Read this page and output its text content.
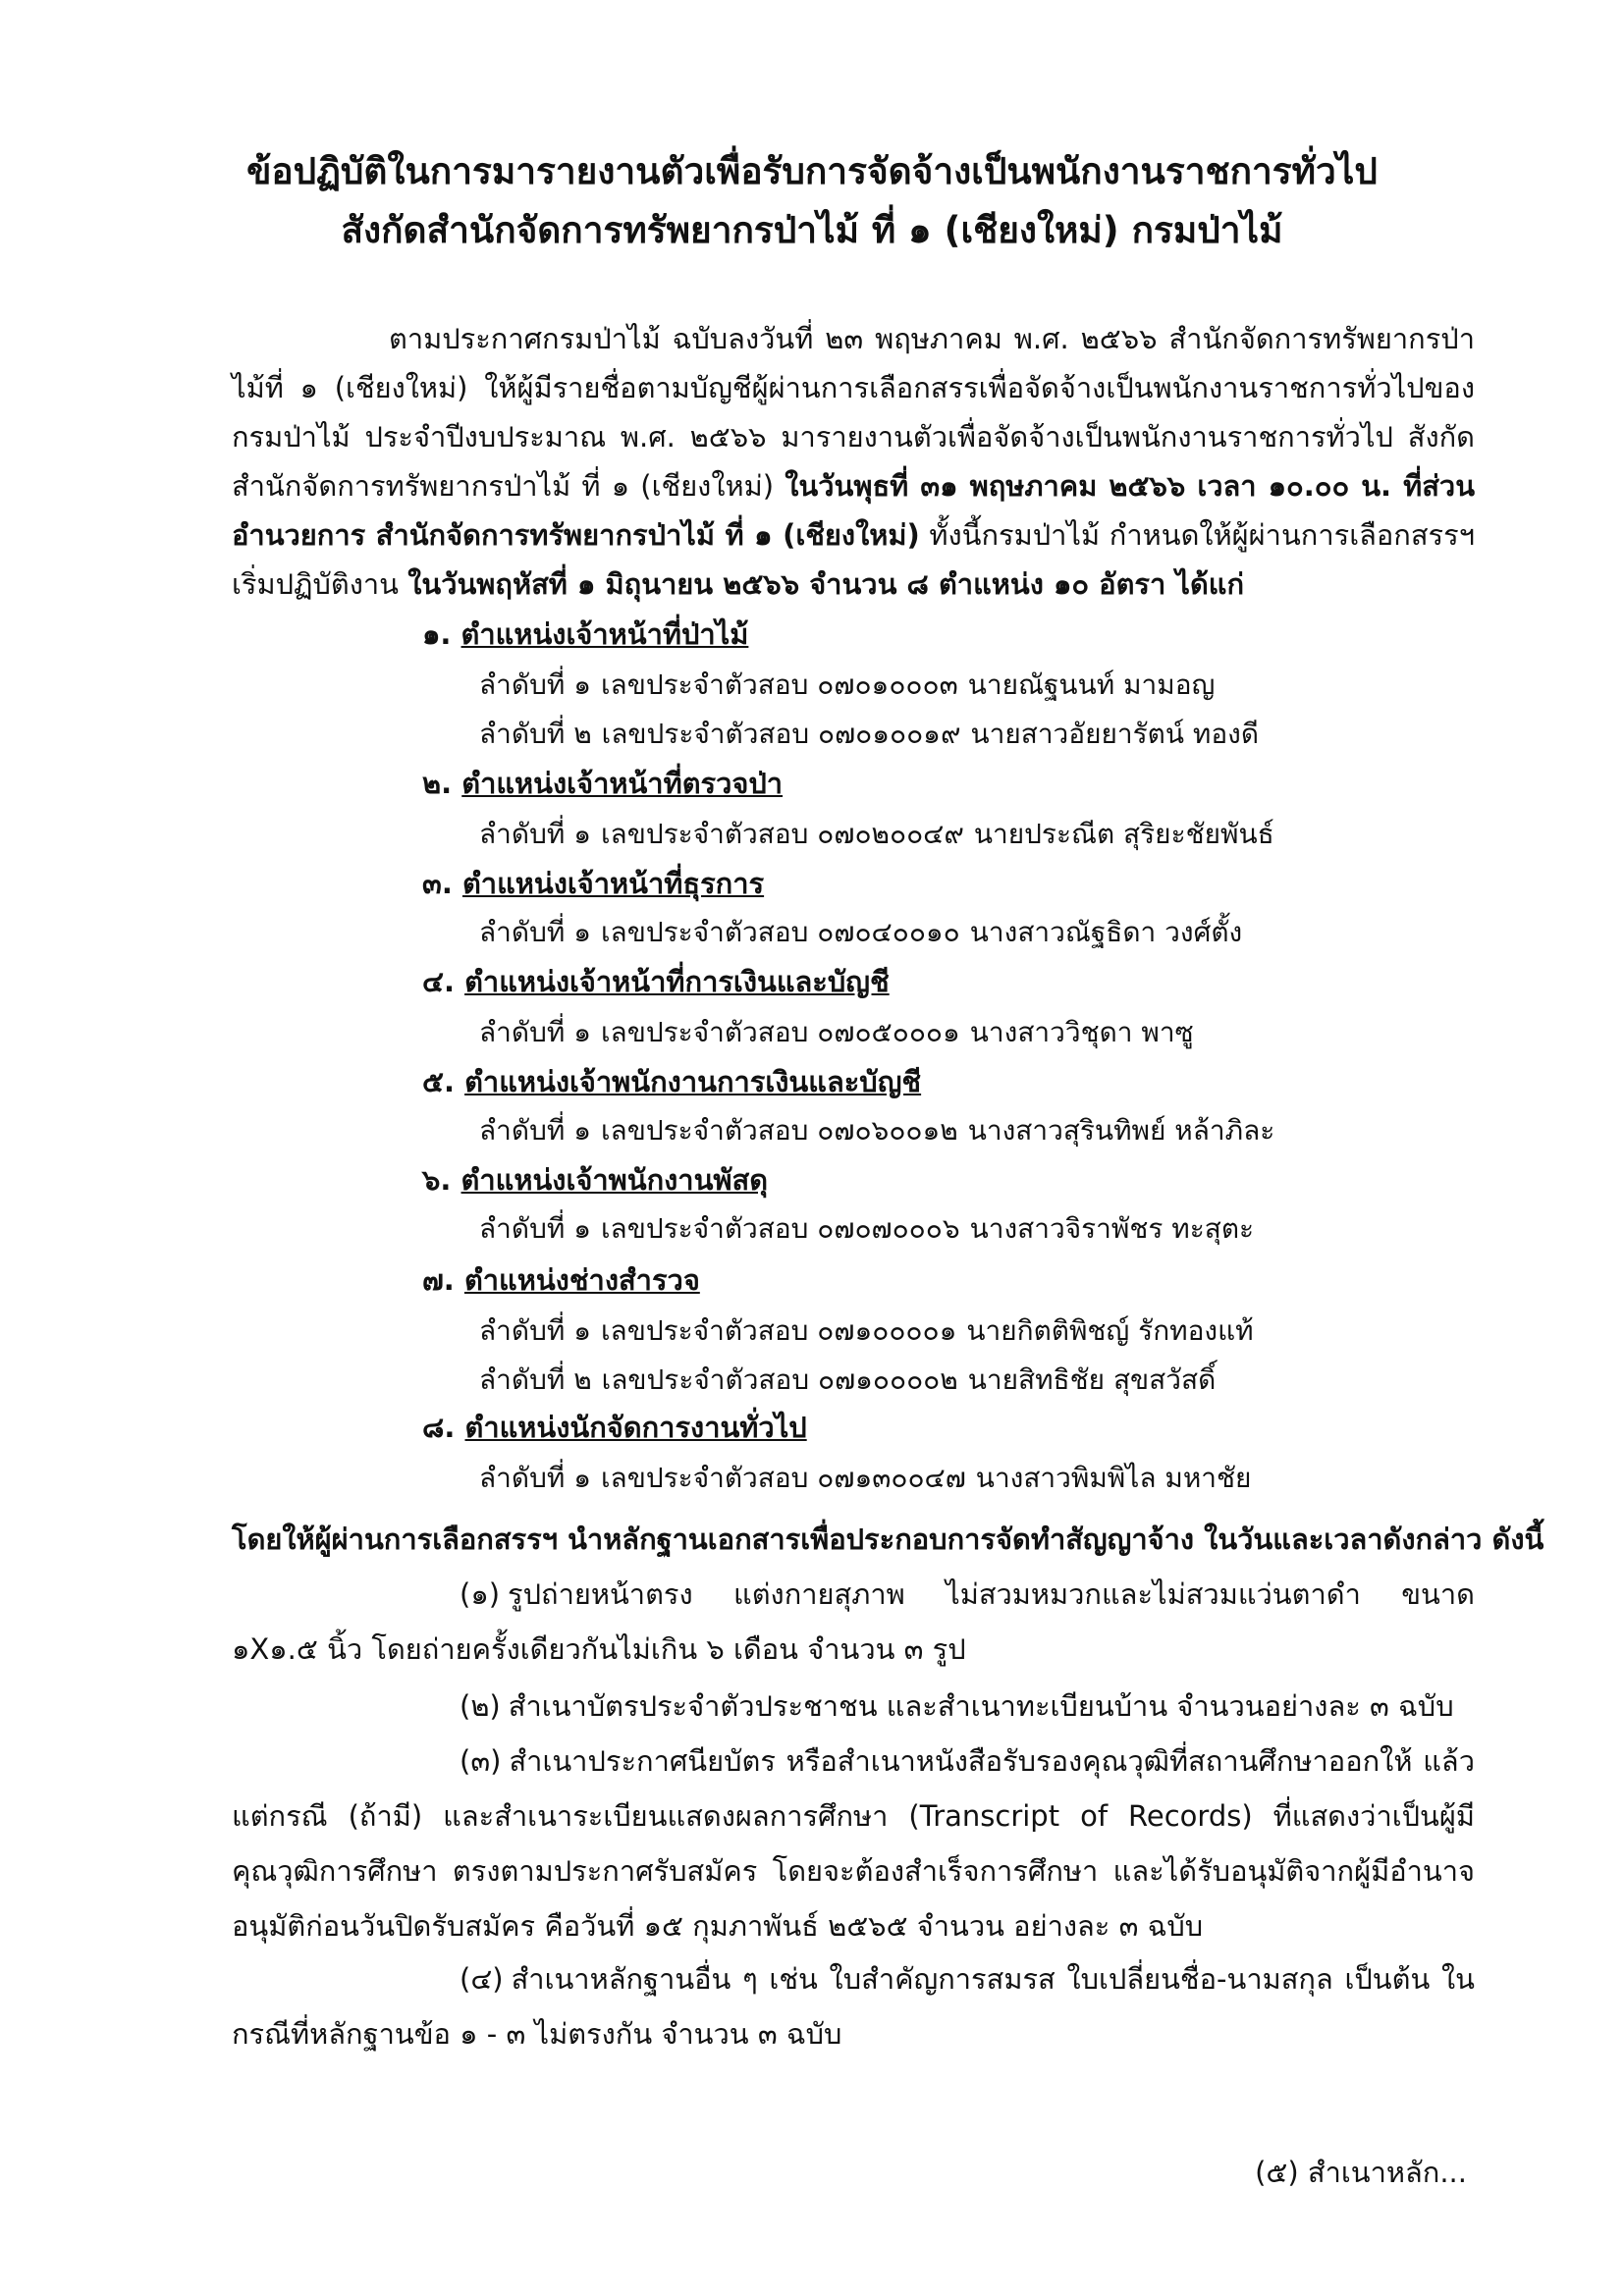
ข้อปฏิบัติในการมารายงานตัวเพื่อรับการจัดจ้างเป็นพนักงานราชการทั่วไป
สังกัดสำนักจัดการทรัพยากรป่าไม้ ที่ ๑ (เชียงใหม่) กรมป่าไม้
ตามประกาศกรมป่าไม้ ฉบับลงวันที่ ๒๓ พฤษภาคม พ.ศ. ๒๕๖๖ สำนักจัดการทรัพยากรป่าไม้ที่ ๑ (เชียงใหม่) ให้ผู้มีรายชื่อตามบัญชีผู้ผ่านการเลือกสรรเพื่อจัดจ้างเป็นพนักงานราชการทั่วไปของกรมป่าไม้ ประจำปีงบประมาณ พ.ศ. ๒๕๖๖ มารายงานตัวเพื่อจัดจ้างเป็นพนักงานราชการทั่วไป สังกัดสำนักจัดการทรัพยากรป่าไม้ ที่ ๑ (เชียงใหม่) ในวันพุธที่ ๓๑ พฤษภาคม ๒๕๖๖ เวลา ๑๐.๐๐ น. ที่ส่วนอำนวยการ สำนักจัดการทรัพยากรป่าไม้ ที่ ๑ (เชียงใหม่) ทั้งนี้กรมป่าไม้ กำหนดให้ผู้ผ่านการเลือกสรรฯ เริ่มปฏิบัติงาน ในวันพฤหัสที่ ๑ มิถุนายน ๒๕๖๖ จำนวน ๘ ตำแหน่ง ๑๐ อัตรา ได้แก่
๑. ตำแหน่งเจ้าหน้าที่ป่าไม้
ลำดับที่ ๑ เลขประจำตัวสอบ ๐๗๐๑๐๐๐๓ นายณัฐนนท์ มามอญ
ลำดับที่ ๒ เลขประจำตัวสอบ ๐๗๐๑๐๐๑๙ นายสาวอัยยารัตน์ ทองดี
๒. ตำแหน่งเจ้าหน้าที่ตรวจป่า
ลำดับที่ ๑ เลขประจำตัวสอบ ๐๗๐๒๐๐๔๙ นายประณีต สุริยะชัยพันธ์
๓. ตำแหน่งเจ้าหน้าที่ธุรการ
ลำดับที่ ๑ เลขประจำตัวสอบ ๐๗๐๔๐๐๑๐ นางสาวณัฐธิดา วงศ์ตั้ง
๔. ตำแหน่งเจ้าหน้าที่การเงินและบัญชี
ลำดับที่ ๑ เลขประจำตัวสอบ ๐๗๐๕๐๐๐๑ นางสาววิชุดา พาซู
๕. ตำแหน่งเจ้าพนักงานการเงินและบัญชี
ลำดับที่ ๑ เลขประจำตัวสอบ ๐๗๐๖๐๐๑๒ นางสาวสุรินทิพย์ หล้าภิละ
๖. ตำแหน่งเจ้าพนักงานพัสดุ
ลำดับที่ ๑ เลขประจำตัวสอบ ๐๗๐๗๐๐๐๖ นางสาวจิราพัชร ทะสุตะ
๗. ตำแหน่งช่างสำรวจ
ลำดับที่ ๑ เลขประจำตัวสอบ ๐๗๑๐๐๐๐๑ นายกิตติพิชญ์ รักทองแท้
ลำดับที่ ๒ เลขประจำตัวสอบ ๐๗๑๐๐๐๐๒ นายสิทธิชัย สุขสวัสดิ์
๘. ตำแหน่งนักจัดการงานทั่วไป
ลำดับที่ ๑ เลขประจำตัวสอบ ๐๗๑๓๐๐๔๗ นางสาวพิมพิไล มหาชัย
โดยให้ผู้ผ่านการเลือกสรรฯ นำหลักฐานเอกสารเพื่อประกอบการจัดทำสัญญาจ้าง ในวันและเวลาดังกล่าว ดังนี้
(๑) รูปถ่ายหน้าตรง แต่งกายสุภาพ ไม่สวมหมวกและไม่สวมแว่นตาดำ ขนาด ๑X๑.๕ นิ้ว โดยถ่ายครั้งเดียวกันไม่เกิน ๖ เดือน จำนวน ๓ รูป
(๒) สำเนาบัตรประจำตัวประชาชน และสำเนาทะเบียนบ้าน จำนวนอย่างละ ๓ ฉบับ
(๓) สำเนาประกาศนียบัตร หรือสำเนาหนังสือรับรองคุณวุฒิที่สถานศึกษาออกให้ แล้วแต่กรณี (ถ้ามี) และสำเนาระเบียนแสดงผลการศึกษา (Transcript of Records) ที่แสดงว่าเป็นผู้มีคุณวุฒิการศึกษา ตรงตามประกาศรับสมัคร โดยจะต้องสำเร็จการศึกษา และได้รับอนุมัติจากผู้มีอำนาจอนุมัติก่อนวันปิดรับสมัคร คือวันที่ ๑๕ กุมภาพันธ์ ๒๕๖๕ จำนวน อย่างละ ๓ ฉบับ
(๔) สำเนาหลักฐานอื่น ๆ เช่น ใบสำคัญการสมรส ใบเปลี่ยนชื่อ-นามสกุล เป็นต้น ในกรณีที่หลักฐานข้อ ๑ - ๓ ไม่ตรงกัน จำนวน ๓ ฉบับ
(๕) สำเนาหลัก...
